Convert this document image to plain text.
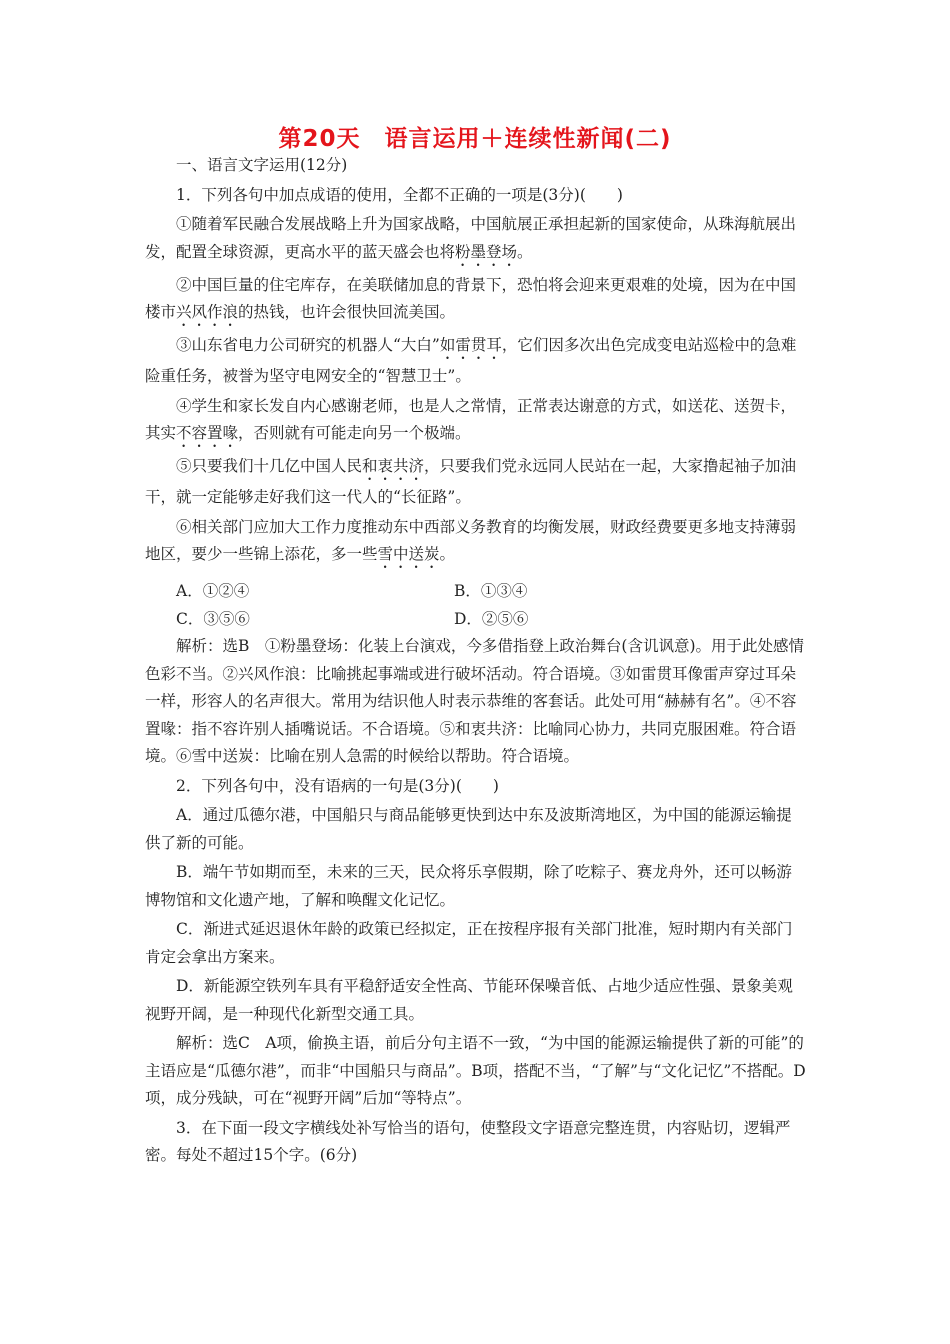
第20天　语言运用＋连续性新闻(二)

一、语言文字运用(12分)

1．下列各句中加点成语的使用，全都不正确的一项是(3分)(　　)

①随着军民融合发展战略上升为国家战略，中国航展正承担起新的国家使命，从珠海航展出发，配置全球资源，更高水平的蓝天盛会也将粉墨登场。

②中国巨量的住宅库存，在美联储加息的背景下，恐怕将会迎来更艰难的处境，因为在中国楼市兴风作浪的热钱，也许会很快回流美国。

③山东省电力公司研究的机器人“大白”如雷贯耳，它们因多次出色完成变电站巡检中的急难险重任务，被誉为坚守电网安全的“智慧卫士”。

④学生和家长发自内心感谢老师，也是人之常情，正常表达谢意的方式，如送花、送贺卡，其实不容置喙，否则就有可能走向另一个极端。

⑤只要我们十几亿中国人民和衷共济，只要我们党永远同人民站在一起，大家撸起袖子加油干，就一定能够走好我们这一代人的“长征路”。

⑥相关部门应加大工作力度推动东中西部义务教育的均衡发展，财政经费要更多地支持薄弱地区，要少一些锦上添花，多一些雪中送炭。

A．①②④	B．①③④
C．③⑤⑥	D．②⑤⑥

解析：选B　①粉墨登场：化装上台演戏，今多借指登上政治舞台(含讥讽意)。用于此处感情色彩不当。②兴风作浪：比喻挑起事端或进行破坏活动。符合语境。③如雷贯耳像雷声穿过耳朵一样，形容人的名声很大。常用为结识他人时表示恭维的客套话。此处可用“赫赫有名”。④不容置喙：指不容许别人插嘴说话。不合语境。⑤和衷共济：比喻同心协力，共同克服困难。符合语境。⑥雪中送炭：比喻在别人急需的时候给以帮助。符合语境。

2．下列各句中，没有语病的一句是(3分)(　　)

A．通过瓜德尔港，中国船只与商品能够更快到达中东及波斯湾地区，为中国的能源运输提供了新的可能。

B．端午节如期而至，未来的三天，民众将乐享假期，除了吃粽子、赛龙舟外，还可以畅游博物馆和文化遗产地，了解和唤醒文化记忆。

C．渐进式延迟退休年龄的政策已经拟定，正在按程序报有关部门批准，短时期内有关部门肯定会拿出方案来。

D．新能源空铁列车具有平稳舒适安全性高、节能环保噪音低、占地少适应性强、景象美观视野开阔，是一种现代化新型交通工具。

解析：选C　A项，偷换主语，前后分句主语不一致，“为中国的能源运输提供了新的可能”的主语应是“瓜德尔港”，而非“中国船只与商品”。B项，搭配不当，“了解”与“文化记忆”不搭配。D项，成分残缺，可在“视野开阔”后加“等特点”。

3．在下面一段文字横线处补写恰当的语句，使整段文字语意完整连贯，内容贴切，逻辑严密。每处不超过15个字。(6分)
